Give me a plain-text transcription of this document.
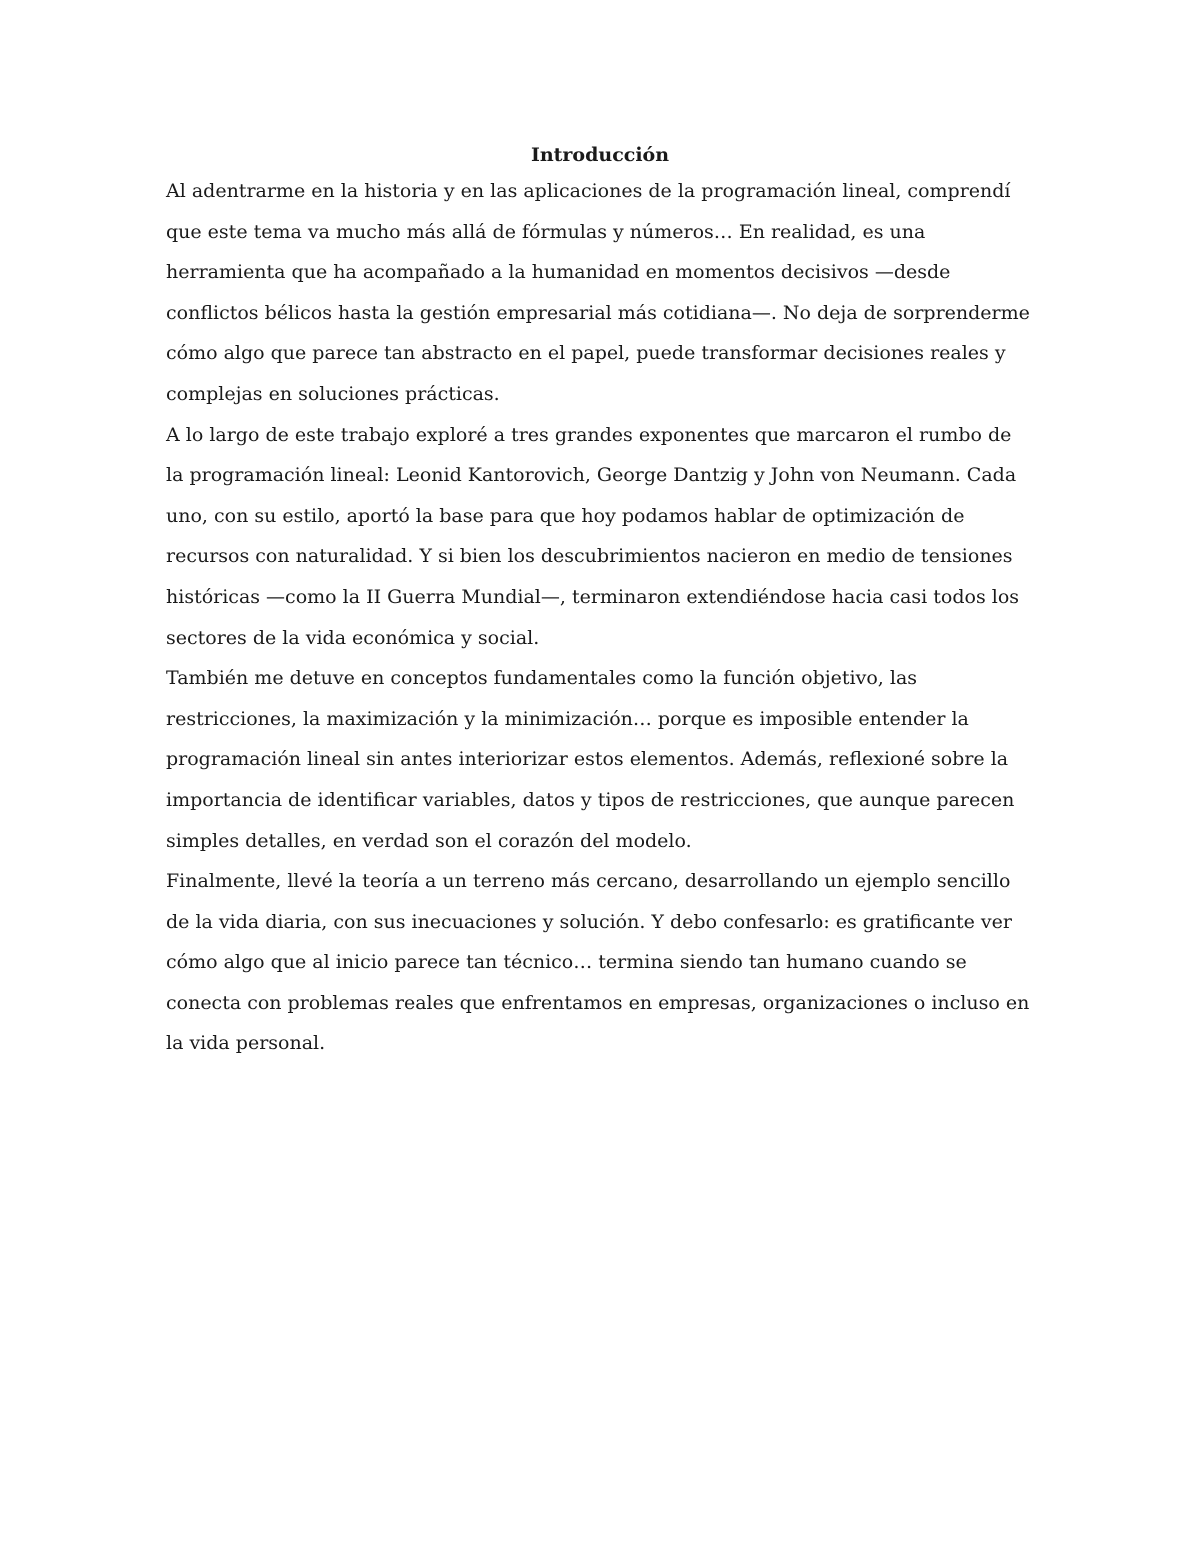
Introducción

Al adentrarme en la historia y en las aplicaciones de la programación lineal, comprendí que este tema va mucho más allá de fórmulas y números… En realidad, es una herramienta que ha acompañado a la humanidad en momentos decisivos —desde conflictos bélicos hasta la gestión empresarial más cotidiana—. No deja de sorprenderme cómo algo que parece tan abstracto en el papel, puede transformar decisiones reales y complejas en soluciones prácticas.

A lo largo de este trabajo exploré a tres grandes exponentes que marcaron el rumbo de la programación lineal: Leonid Kantorovich, George Dantzig y John von Neumann. Cada uno, con su estilo, aportó la base para que hoy podamos hablar de optimización de recursos con naturalidad. Y si bien los descubrimientos nacieron en medio de tensiones históricas —como la II Guerra Mundial—, terminaron extendiéndose hacia casi todos los sectores de la vida económica y social.

También me detuve en conceptos fundamentales como la función objetivo, las restricciones, la maximización y la minimización… porque es imposible entender la programación lineal sin antes interiorizar estos elementos. Además, reflexioné sobre la importancia de identificar variables, datos y tipos de restricciones, que aunque parecen simples detalles, en verdad son el corazón del modelo.

Finalmente, llevé la teoría a un terreno más cercano, desarrollando un ejemplo sencillo de la vida diaria, con sus inecuaciones y solución. Y debo confesarlo: es gratificante ver cómo algo que al inicio parece tan técnico… termina siendo tan humano cuando se conecta con problemas reales que enfrentamos en empresas, organizaciones o incluso en la vida personal.
